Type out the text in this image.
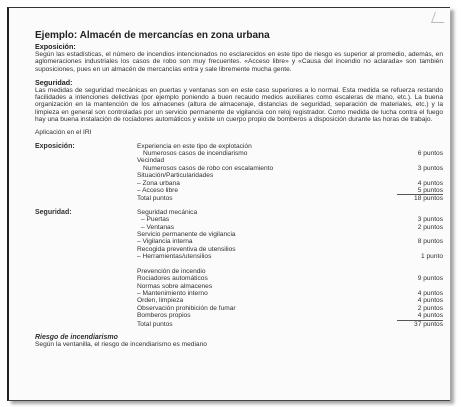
Ejemplo: Almacén de mercancías en zona urbana
Exposición:
Según las estadísticas, el número de incendios intencionados no esclarecidos en este tipo de riesgo es superior al promedio, además, en aglomeraciones industriales los casos de robo son muy frecuentes. «Acceso libre» y «Causa del incendio no aclarada» son también suposiciones, pues en un almacén de mercancías entra y sale libremente mucha gente.
Seguridad:
Las medidas de seguridad mecánicas en puertas y ventanas son en este caso superiores a lo normal. Esta medida se refuerza restando facilidades a intenciones delictivas (por ejemplo poniendo a buen recaudo medios auxiliares como escaleras de mano, etc.). La buena organización en la mantención de los almacenes (altura de almacenaje, distancias de seguridad, separación de materiales, etc.) y la limpieza en general son controladas por un servicio permanente de vigilancia con reloj registrador. Como medida de lucha contra el fuego hay una buena instalación de rociadores automáticos y existe un cuerpo propio de bomberos a disposición durante las horas de trabajo.
Aplicación en el IRI
Exposición:	Experiencia en este tipo de explotación
Numerosos casos de incendiarismo	6 puntos
Vecindad
Numerosos casos de robo con escalamiento	3 puntos
Situación/Particularidades
– Zona urbana	4 puntos
– Acceso libre	5 puntos
Total puntos	18 puntos
Seguridad:	Seguridad mecánica
– Puertas	3 puntos
– Ventanas	2 puntos
Servicio permanente de vigilancia
– Vigilancia interna	8 puntos
Recogida preventiva de utensilios
– Herramientas/utensilios	1 punto
Prevención de incendio
Rociadores automáticos	9 puntos
Normas sobre almacenes
– Mantenimiento interno	4 puntos
Orden, limpieza	4 puntos
Observación prohibición de fumar	2 puntos
Bomberos propios	4 puntos
Total puntos	37 puntos
Riesgo de incendiarismo
Según la ventanilla, el riesgo de incendiarismo es mediano
